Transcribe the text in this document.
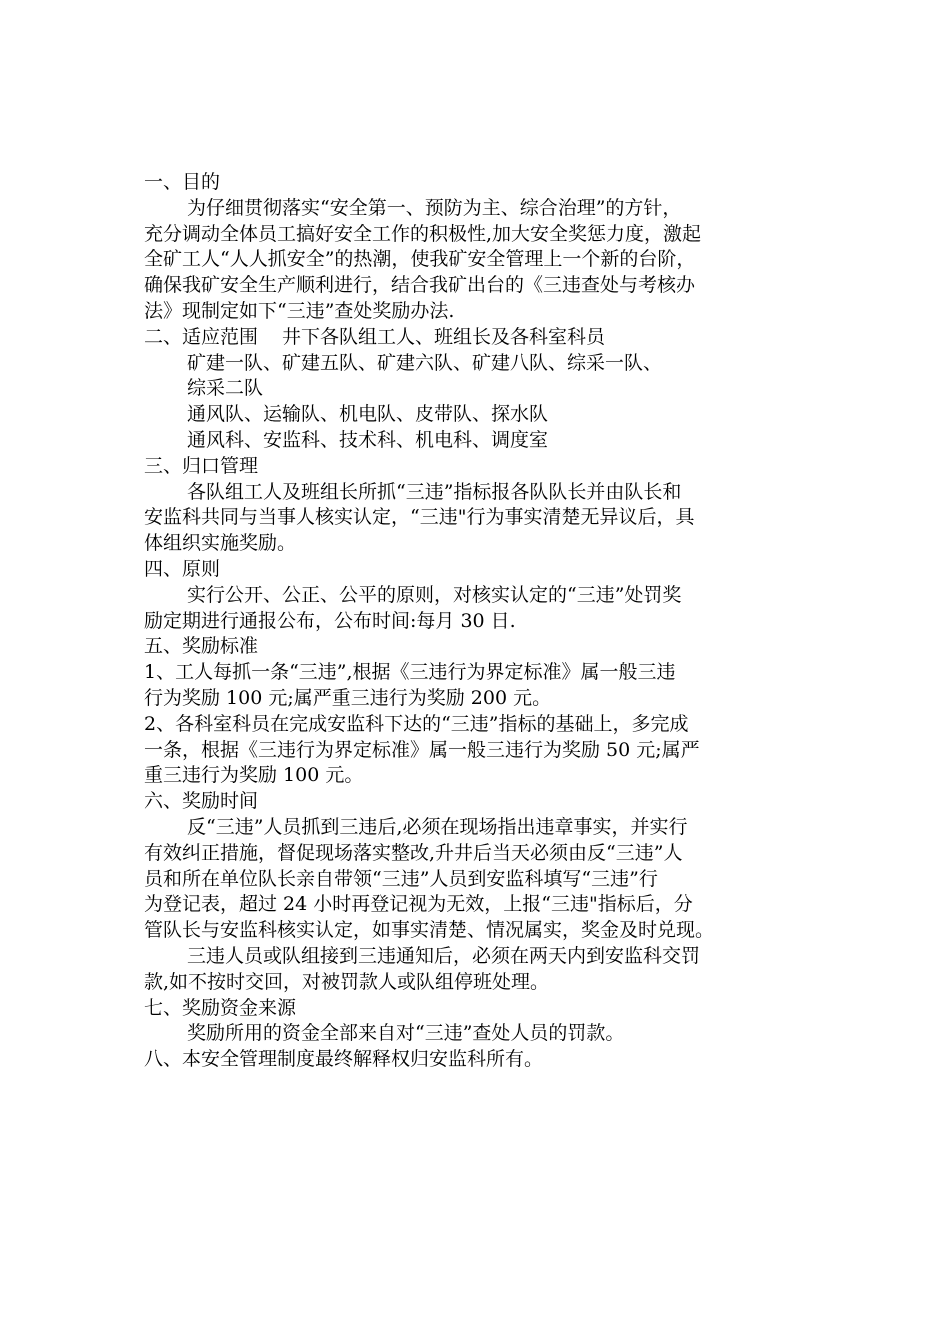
一、目的
为仔细贯彻落实“安全第一、预防为主、综合治理”的方针，
充分调动全体员工搞好安全工作的积极性,加大安全奖惩力度，激起
全矿工人“人人抓安全”的热潮，使我矿安全管理上一个新的台阶，
确保我矿安全生产顺利进行，结合我矿出台的《三违查处与考核办
法》现制定如下“三违”查处奖励办法.
二、适应范围 井下各队组工人、班组长及各科室科员
矿建一队、矿建五队、矿建六队、矿建八队、综采一队、
综采二队
通风队、运输队、机电队、皮带队、探水队
通风科、安监科、技术科、机电科、调度室
三、归口管理
各队组工人及班组长所抓“三违”指标报各队队长并由队长和
安监科共同与当事人核实认定，“三违"行为事实清楚无异议后，具
体组织实施奖励。
四、原则
实行公开、公正、公平的原则，对核实认定的“三违”处罚奖
励定期进行通报公布，公布时间:每月 30 日.
五、奖励标准
1、工人每抓一条“三违”,根据《三违行为界定标准》属一般三违
行为奖励 100 元;属严重三违行为奖励 200 元。
2、各科室科员在完成安监科下达的“三违”指标的基础上，多完成
一条，根据《三违行为界定标准》属一般三违行为奖励 50 元;属严
重三违行为奖励 100 元。
六、奖励时间
反“三违”人员抓到三违后,必须在现场指出违章事实，并实行
有效纠正措施，督促现场落实整改,升井后当天必须由反“三违”人
员和所在单位队长亲自带领“三违”人员到安监科填写“三违”行
为登记表，超过 24 小时再登记视为无效，上报“三违"指标后，分
管队长与安监科核实认定，如事实清楚、情况属实，奖金及时兑现。
三违人员或队组接到三违通知后，必须在两天内到安监科交罚
款,如不按时交回，对被罚款人或队组停班处理。
七、奖励资金来源
奖励所用的资金全部来自对“三违”查处人员的罚款。
八、本安全管理制度最终解释权归安监科所有。
